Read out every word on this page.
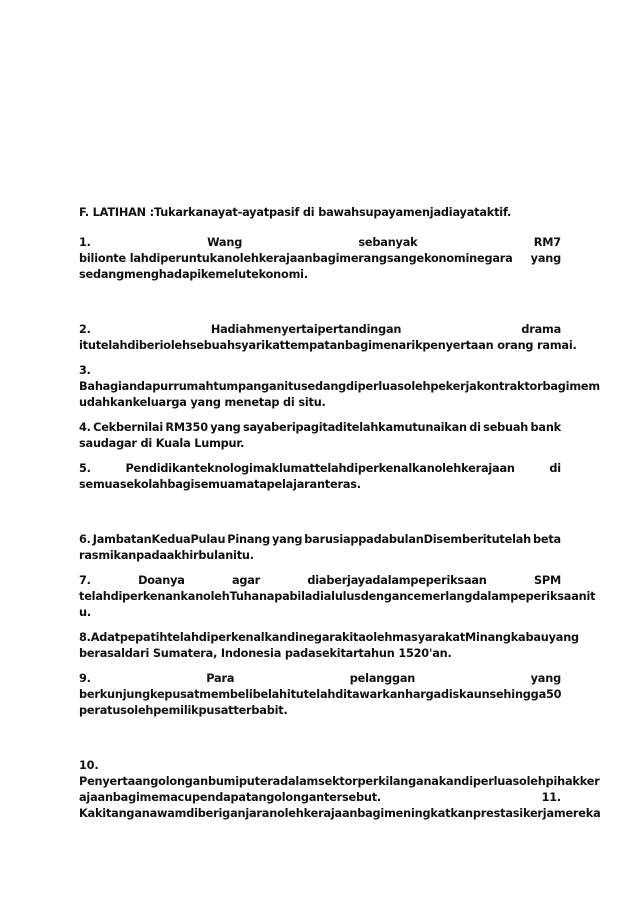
F. LATIHAN :Tukarkanayat-ayatpasif di bawahsupayamenjadiayataktif.
1.	Wang	sebanyak	RM7
bilionte lahdiperuntukanolehkerajaanbagimerangsangekonominegara yang
sedangmenghadapikemelutekonomi.
2.	Hadiahmenyertaipertandingan	drama
itutelahdiberiolehsebuahsyarikattempatanbagimenarikpenyertaan orang ramai.
3.
Bahagiandapurrumahtumpanganitusedangdiperluasolehpekerjakontraktorbagimem
udahkankeluarga yang menetap di situ.
4. Cekbernilai RM350 yang sayaberipagitaditelahkamutunaikan di sebuah bank
saudagar di Kuala Lumpur.
5.	Pendidikanteknologimaklumattelahdiperkenalkanolehkerajaan	di
semuasekolahbagisemuamatapelajaranteras.
6. JambatanKeduaPulau Pinang yang barusiappadabulanDisemberitutelah beta
rasmikanpadaakhirbulanitu.
7.	Doanya	agar	diaberjayadalampeperiksaan	SPM
telahdiperkenankanolehTuhanapabiladialulusdengancemerlangdalampeperiksaanit
u.
8. Adatpepatihtelahdiperkenalkan di negarakitaolehmasyarakatMinangkabau yang
berasaldari Sumatera, Indonesia padasekitartahun 1520'an.
9.	Para	pelanggan	yang
berkunjungkepusatmembelibelahitutelahditawarkanhargadiskaunsehingga 50
peratusolehpemilikpusatterbabit.
10.
Penyertaangolonganbumiputeradalamsektorperkilanganakandiperluasolehpihakker
ajaanbagimemacupendapatangolongantersebut.	11.
Kakitanganawamdiberiganjaranolehkerajaanbagimeningkatkanprestasikerjamereka
